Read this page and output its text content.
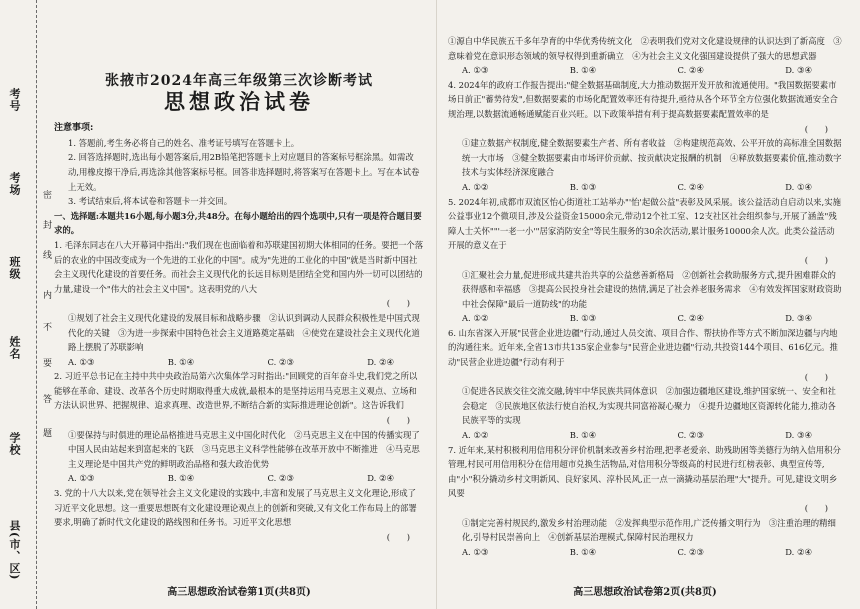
考号
考场
班级
姓名
学校
县(市、区)
密
封
线
内
不
要
答
题
张掖市2024年高三年级第三次诊断考试
思想政治试卷
注意事项:

1. 答题前,考生务必将自己的姓名、准考证号填写在答题卡上。

2. 回答选择题时,选出每小题答案后,用2B铅笔把答题卡上对应题目的答案标号框涂黑。如需改动,用橡皮擦干净后,再选涂其他答案标号框。回答非选择题时,将答案写在答题卡上。写在本试卷上无效。

3. 考试结束后,将本试卷和答题卡一并交回。

一、选择题:本题共16小题,每小题3分,共48分。在每小题给出的四个选项中,只有一项是符合题目要求的。

1. 毛泽东同志在八大开幕词中指出:"我们现在也面临着和苏联建国初期大体相同的任务。要把一个落后的农业的中国改变成为一个先进的工业化的中国"。成为"先进的工业化的中国"就是当时新中国社会主义现代化建设的首要任务。而社会主义现代化的长远目标则是团结全党和国内外一切可以团结的力量,建设一个"伟大的社会主义中国"。这表明党的八大

(　　)

①规划了社会主义现代化建设的发展目标和战略步骤　②认识到调动人民群众积极性是中国式现代化的关键　③为进一步探索中国特色社会主义道路奠定基础　④使党在建设社会主义现代化道路上摆脱了苏联影响

A. ①③	B. ①④	C. ②③	D. ②④

2. 习近平总书记在主持中共中央政治局第六次集体学习时指出:"回顾党的百年奋斗史,我们党之所以能够在革命、建设、改革各个历史时期取得重大成就,最根本的是坚持运用马克思主义观点、立场和方法认识世界、把握规律、追求真理、改造世界,不断结合新的实际推进理论创新"。这告诉我们

(　　)

①要保持与时俱进的理论品格推进马克思主义中国化时代化　②马克思主义在中国的传播实现了中国人民由站起来到富起来的飞跃　③马克思主义科学性能够在改革开放中不断推进　④马克思主义理论是中国共产党的鲜明政治品格和强大政治优势

A. ①③	B. ①④	C. ②③	D. ②④

3. 党的十八大以来,党在领导社会主义文化建设的实践中,丰富和发展了马克思主义文化理论,形成了习近平文化思想。这一重要思想既有文化建设理论观点上的创新和突破,又有文化工作布局上的部署要求,明确了新时代文化建设的路线图和任务书。习近平文化思想

(　　)
高三思想政治试卷第1页(共8页)

①源自中华民族五千多年孕育的中华优秀传统文化　②表明我们党对文化建设规律的认识达到了新高度　③意味着党在意识形态领域的领导权得到重新确立　④为社会主义文化强国建设提供了强大的思想武器

A. ①③	B. ①④	C. ②④	D. ③④

4. 2024年的政府工作报告提出:"健全数据基础制度,大力推动数据开发开放和流通使用。"我国数据要素市场日前正"蓄势待发",但数据要素的市场化配置效率还有待提升,亟待从各个环节全方位强化数据流通安全合规治理,以数据流通畅通赋能百业兴旺。以下政策举措有利于提高数据要素配置效率的是

(　　)

①建立数据产权制度,健全数据要素生产者、所有者收益　②构建规范高效、公平开放的高标准全国数据统一大市场　③健全数据要素由市场评价贡献、按贡献决定报酬的机制　④释放数据要素价值,推动数字技术与实体经济深度融合

A. ①②	B. ①③	C. ②④	D. ①④

5. 2024年初,成都市双流区怡心街道社工站举办"'怡'起做公益"表彰及风采展。该公益活动自启动以来,实施公益事业12个微项目,涉及公益资金15000余元,带动12个社工室、12支社区社会组织参与,开展了涵盖"残障人士关怀""'一老一小'"居家消防安全"等民生服务的30余次活动,累计服务10000余人次。此类公益活动开展的意义在于

(　　)

①汇聚社会力量,促进形成共建共治共享的公益慈善新格局　②创新社会救助服务方式,提升困难群众的获得感和幸福感　③提高公民投身社会建设的热情,满足了社会养老服务需求　④有效发挥国家财政资助中社会保障"最后一道防线"的功能

A. ①②	B. ①③	C. ②④	D. ③④

6. 山东省深入开展"民营企业进边疆"行动,通过人员交流、项目合作、帮扶协作等方式不断加深边疆与内地的沟通往来。近年来,全省13市共135家企业参与"民营企业进边疆"行动,共投资144个项目、616亿元。推动"民营企业进边疆"行动有利于

(　　)

①促进各民族交往交流交融,铸牢中华民族共同体意识　②加强边疆地区建设,维护国家统一、安全和社会稳定　③民族地区依法行使自治权,为实现共同富裕凝心聚力　④提升边疆地区资源转化能力,推动各民族平等的实现

A. ①②	B. ①④	C. ②③	D. ③④

7. 近年来,某村积极利用信用积分评价机制来改善乡村治理,把孝老爱亲、助残助困等美德行为纳入信用积分管理,村民可用信用积分在信用超市兑换生活物品,对信用积分等级高的村民进行红榜表彰、典型宣传等,由"小"积分撬动乡村文明新风、良好家风、淳朴民风,正一点一滴撬动基层治理"大"提升。可见,建设文明乡风要

(　　)

①制定完善村规民约,激发乡村治理动能　②发挥典型示范作用,广泛传播文明行为　③注重治理的精细化,引导村民崇善向上　④创新基层治理模式,保障村民治理权力

A. ①③	B. ①④	C. ②③	D. ②④
高三思想政治试卷第2页(共8页)
